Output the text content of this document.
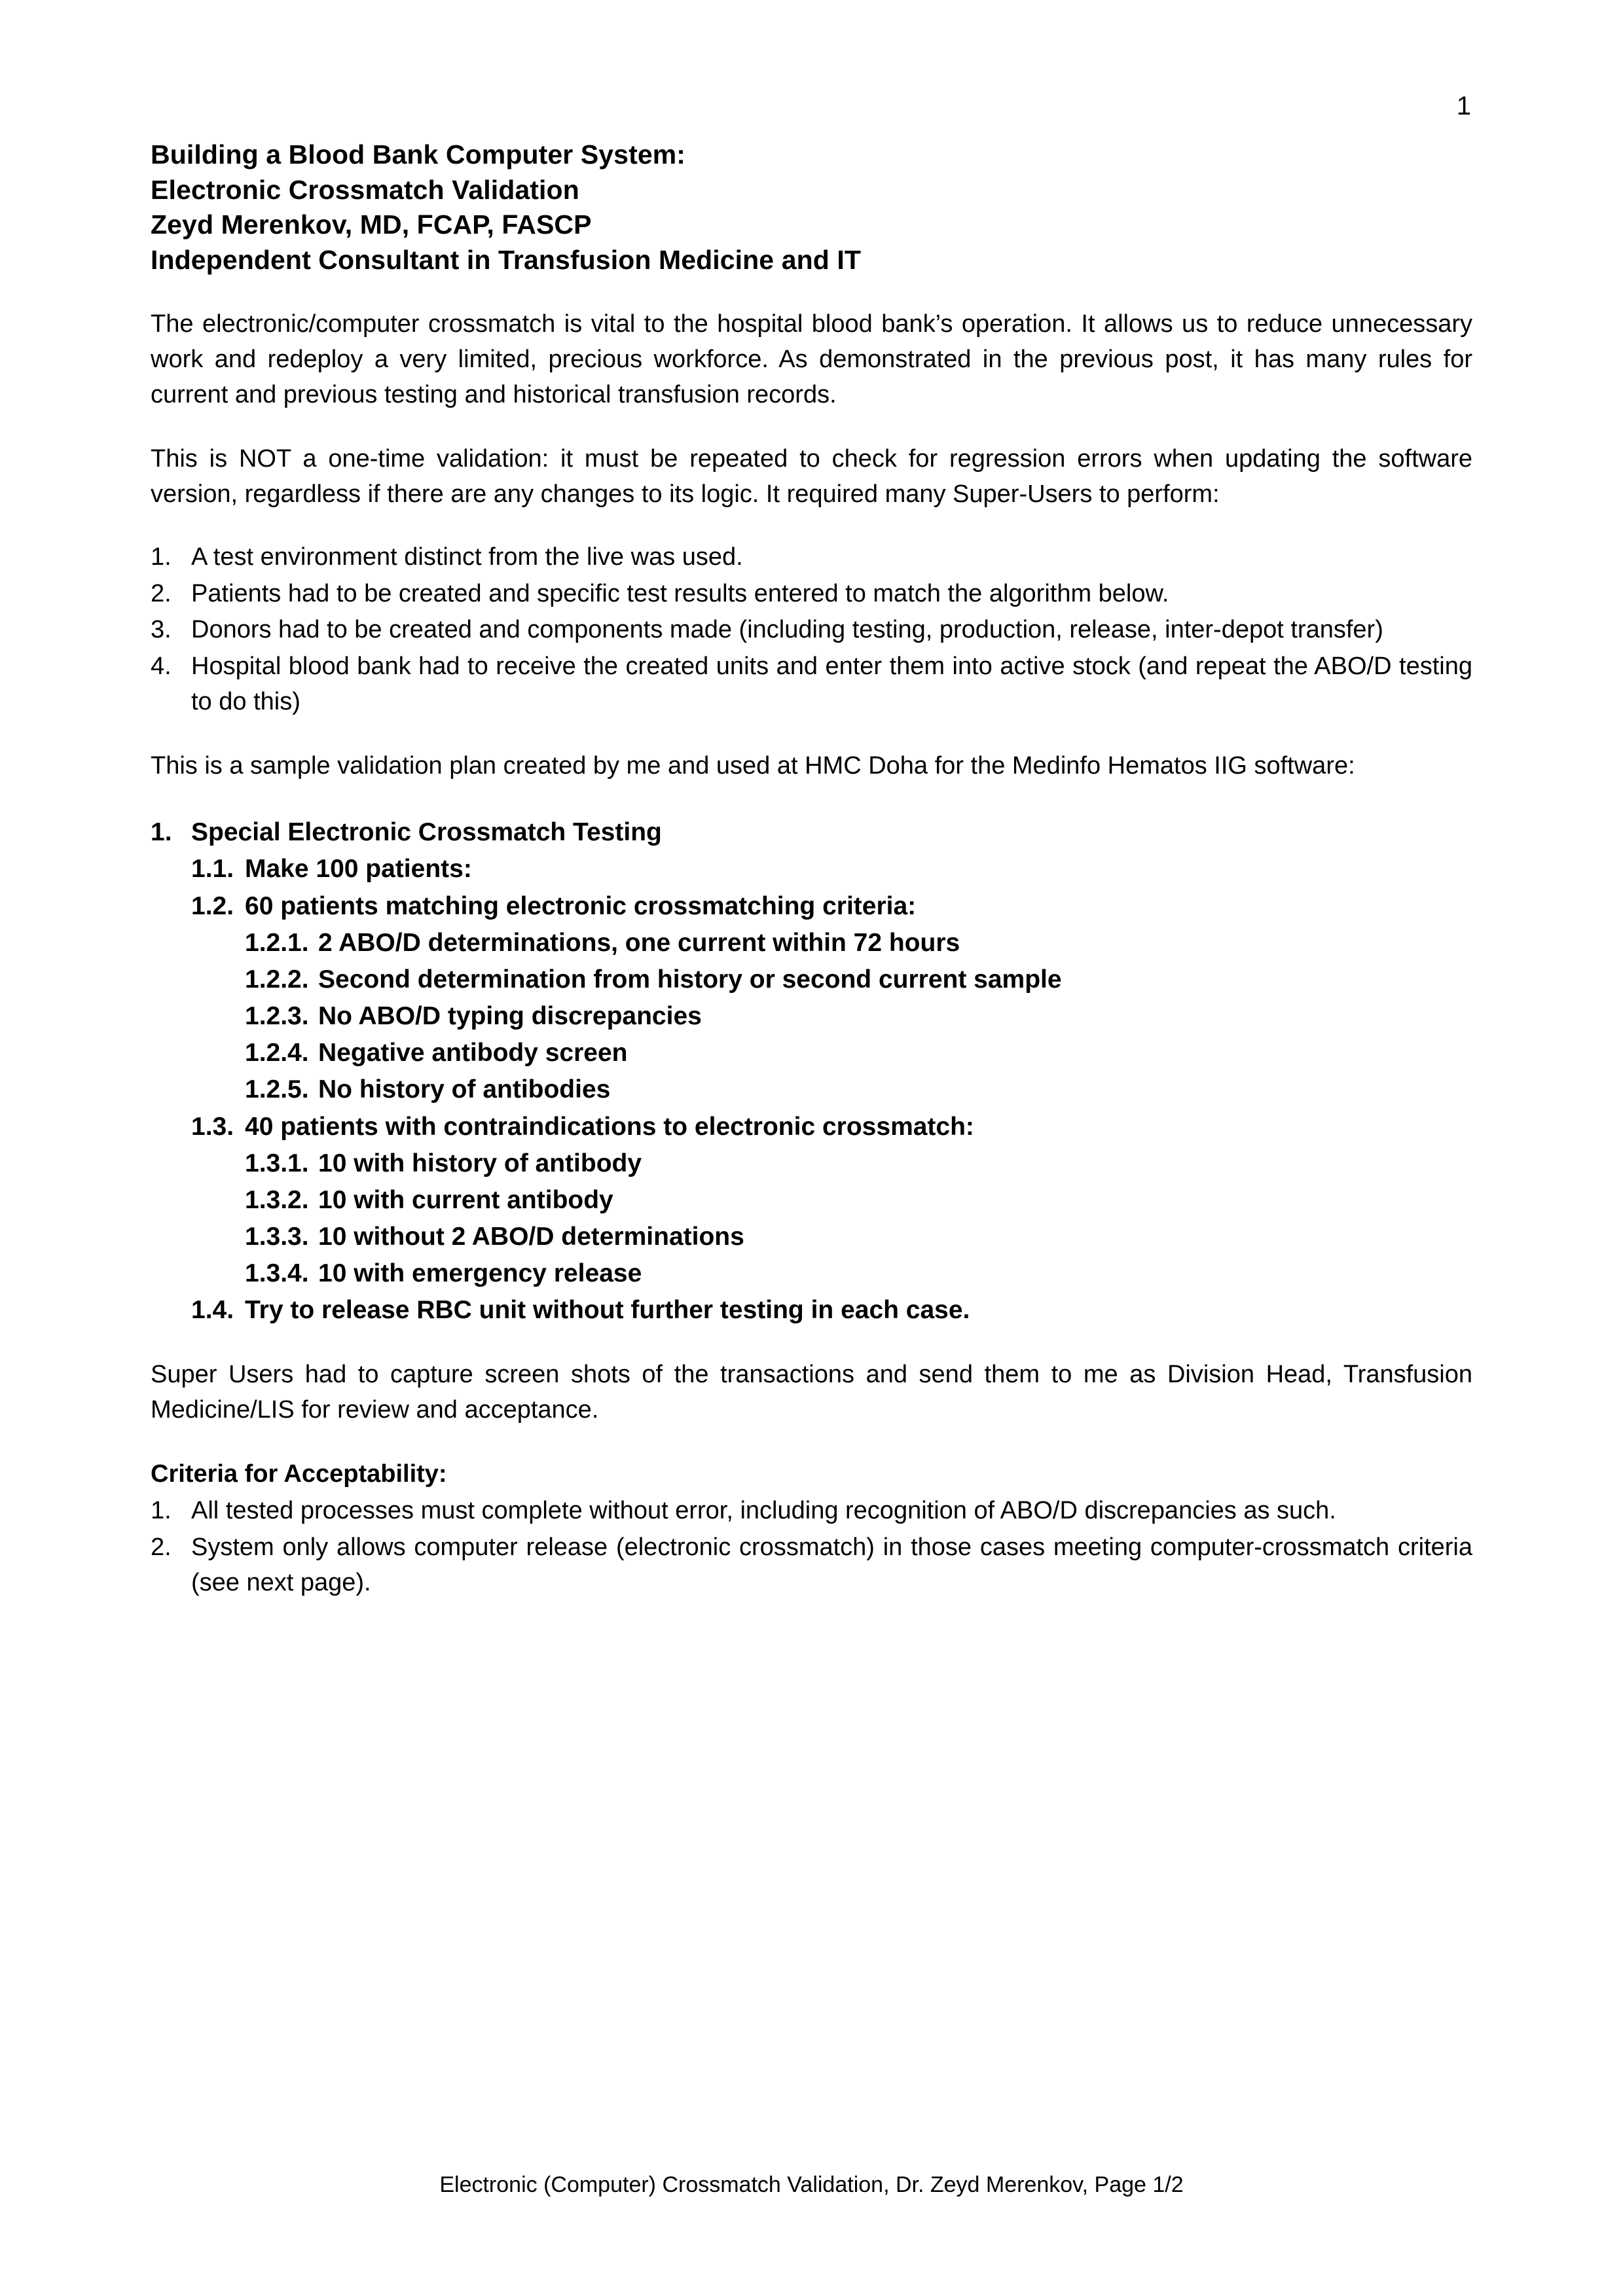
1
Building a Blood Bank Computer System:
Electronic Crossmatch Validation
Zeyd Merenkov, MD, FCAP, FASCP
Independent Consultant in Transfusion Medicine and IT
The electronic/computer crossmatch is vital to the hospital blood bank’s operation. It allows us to reduce unnecessary work and redeploy a very limited, precious workforce. As demonstrated in the previous post, it has many rules for current and previous testing and historical transfusion records.
This is NOT a one-time validation: it must be repeated to check for regression errors when updating the software version, regardless if there are any changes to its logic. It required many Super-Users to perform:
1. A test environment distinct from the live was used.
2. Patients had to be created and specific test results entered to match the algorithm below.
3. Donors had to be created and components made (including testing, production, release, inter-depot transfer)
4. Hospital blood bank had to receive the created units and enter them into active stock (and repeat the ABO/D testing to do this)
This is a sample validation plan created by me and used at HMC Doha for the Medinfo Hematos IIG software:
1. Special Electronic Crossmatch Testing
1.1. Make 100 patients:
1.2. 60 patients matching electronic crossmatching criteria:
1.2.1. 2 ABO/D determinations, one current within 72 hours
1.2.2. Second determination from history or second current sample
1.2.3. No ABO/D typing discrepancies
1.2.4. Negative antibody screen
1.2.5. No history of antibodies
1.3. 40 patients with contraindications to electronic crossmatch:
1.3.1. 10 with history of antibody
1.3.2. 10 with current antibody
1.3.3. 10 without 2 ABO/D determinations
1.3.4. 10 with emergency release
1.4. Try to release RBC unit without further testing in each case.
Super Users had to capture screen shots of the transactions and send them to me as Division Head, Transfusion Medicine/LIS for review and acceptance.
Criteria for Acceptability:
1. All tested processes must complete without error, including recognition of ABO/D discrepancies as such.
2. System only allows computer release (electronic crossmatch) in those cases meeting computer-crossmatch criteria (see next page).
Electronic (Computer) Crossmatch Validation, Dr. Zeyd Merenkov, Page 1/2
